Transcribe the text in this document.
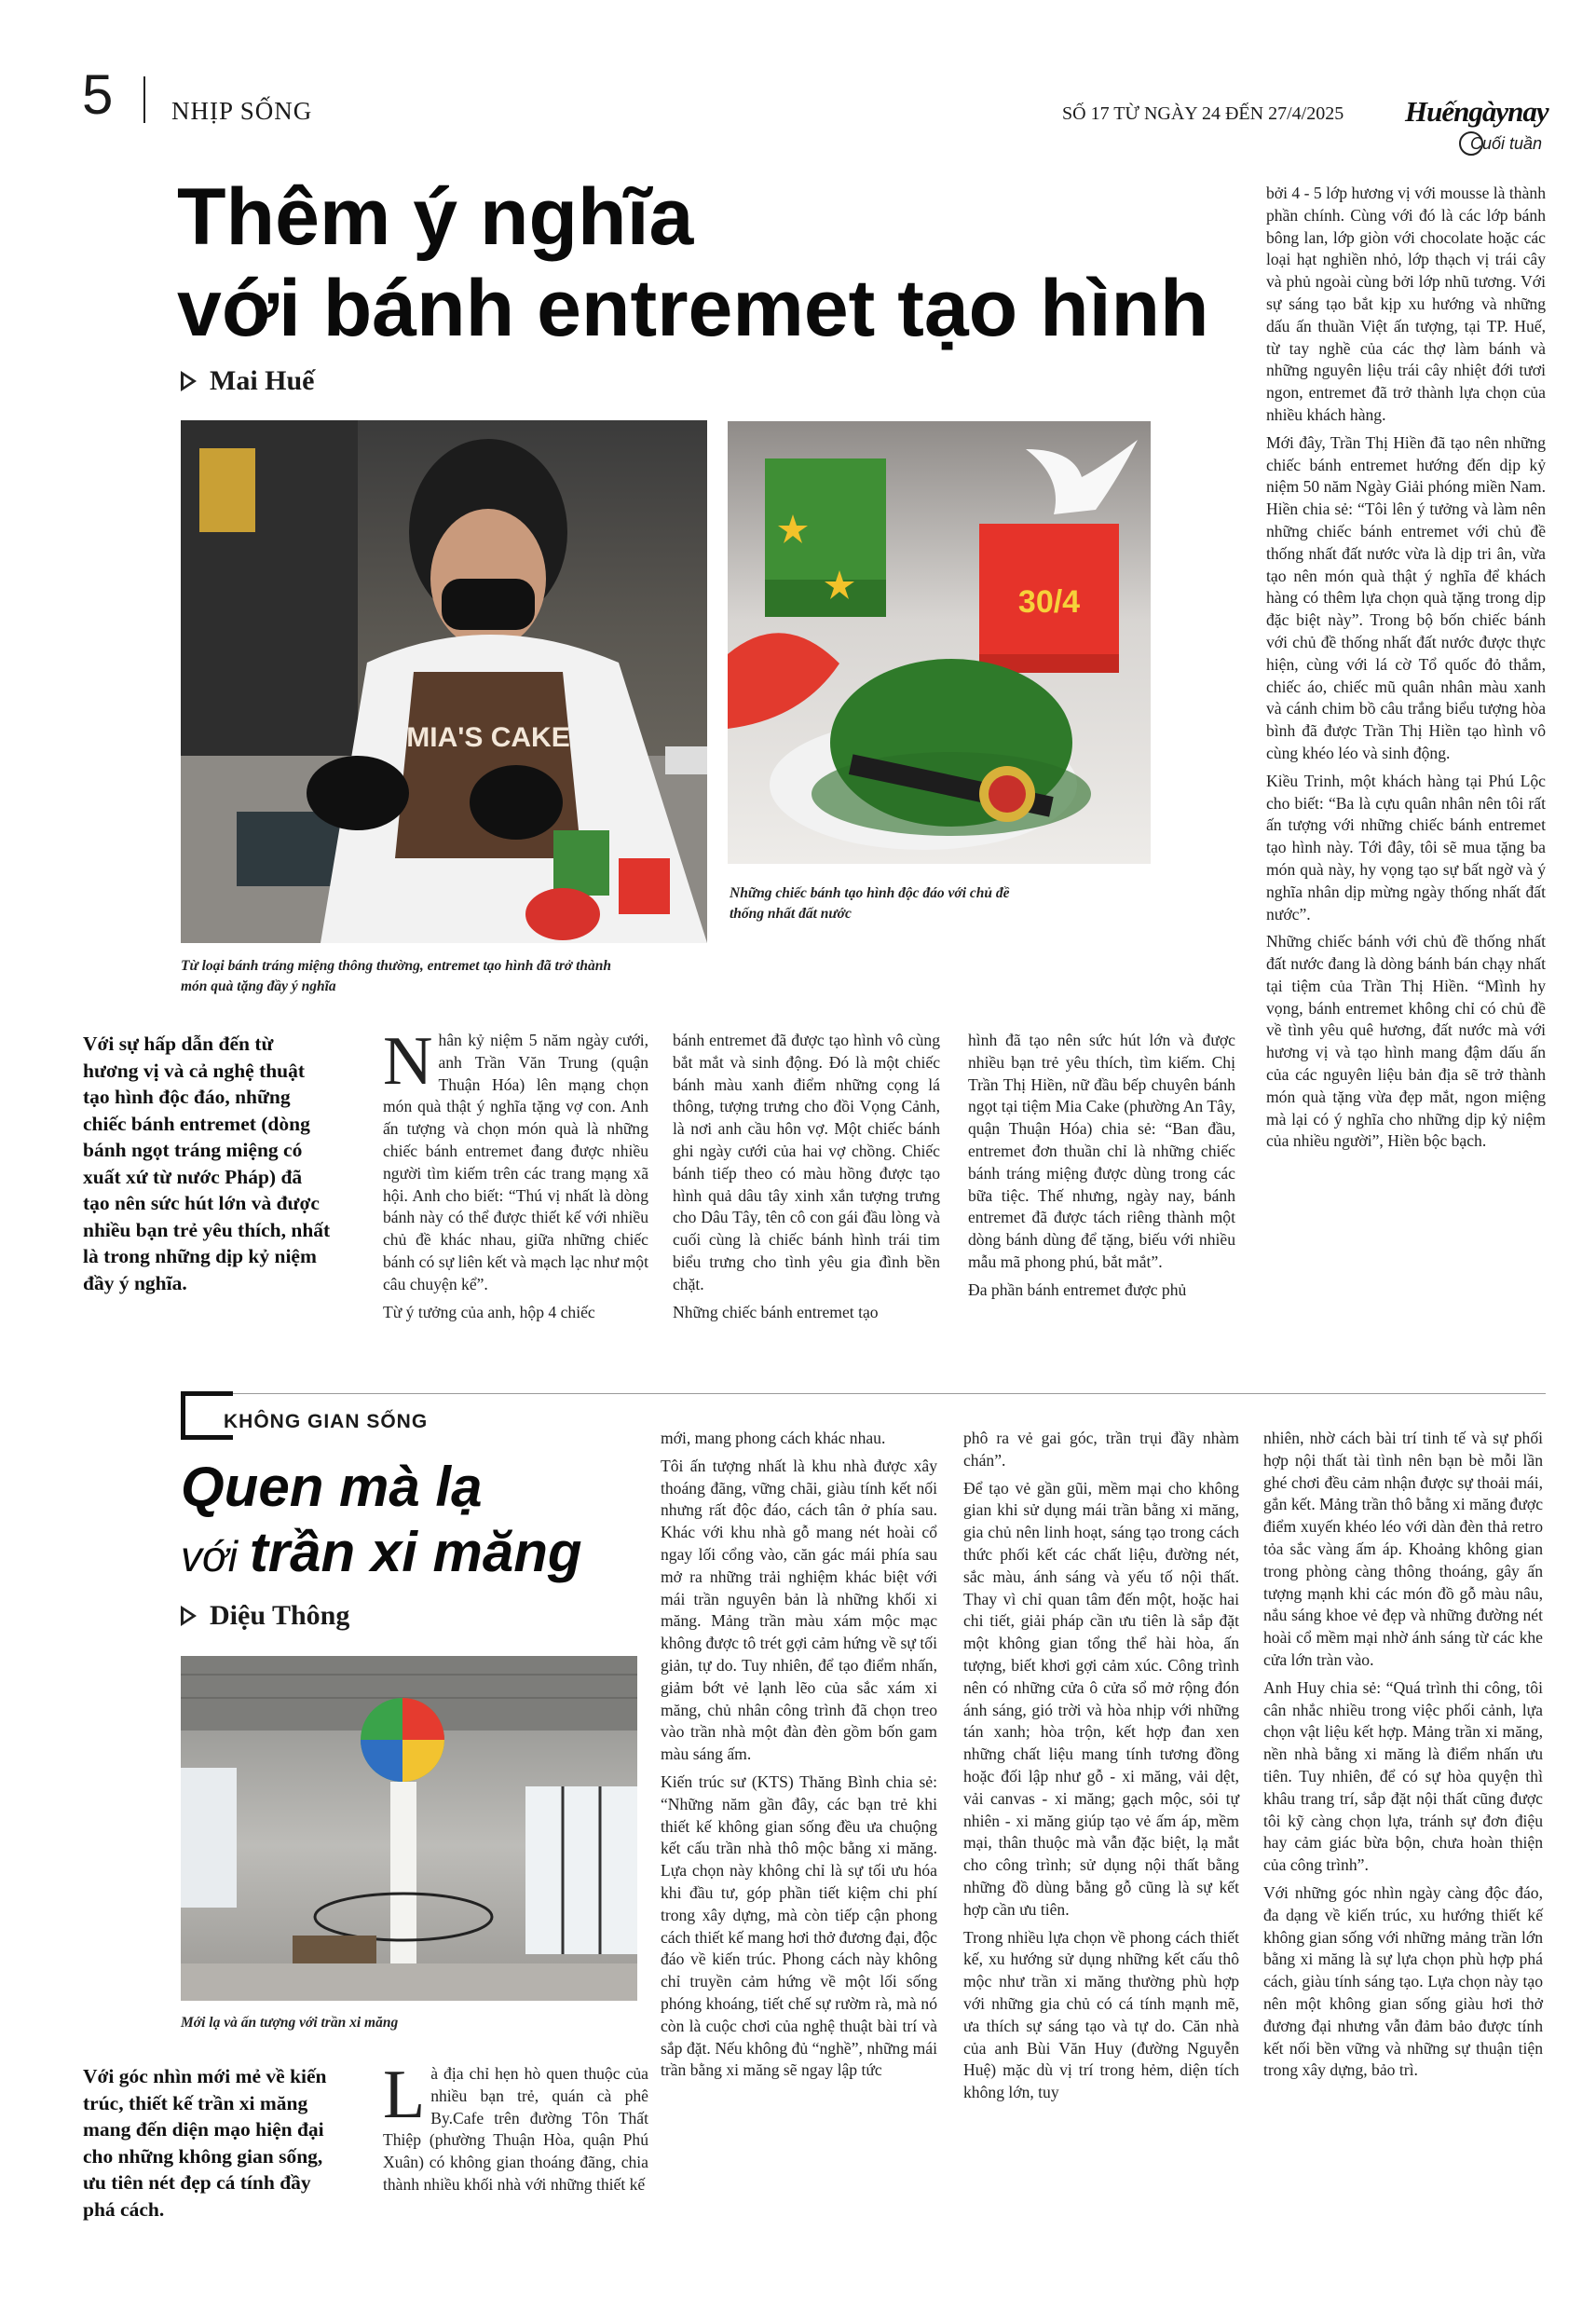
5 NHỊP SỐNG	SỐ 17 TỪ NGÀY 24 ĐẾN 27/4/2025 Huếngàynay
Cuối tuần
Thêm ý nghĩa
với bánh entremet tạo hình
Mai Huế
MIA'S CAKE
Từ loại bánh tráng miệng thông thường, entremet tạo hình đã trở thành món quà tặng đầy ý nghĩa
30/4
Những chiếc bánh tạo hình độc đáo với chủ đề thống nhất đất nước
Với sự hấp dẫn đến từ hương vị và cả nghệ thuật tạo hình độc đáo, những chiếc bánh entremet (dòng bánh ngọt tráng miệng có xuất xứ từ nước Pháp) đã tạo nên sức hút lớn và được nhiều bạn trẻ yêu thích, nhất là trong những dịp kỷ niệm đầy ý nghĩa.

Nhân kỷ niệm 5 năm ngày cưới, anh Trần Văn Trung (quận Thuận Hóa) lên mạng chọn món quà thật ý nghĩa tặng vợ con. Anh ấn tượng và chọn món quà là những chiếc bánh entremet đang được nhiều người tìm kiếm trên các trang mạng xã hội. Anh cho biết: “Thú vị nhất là dòng bánh này có thể được thiết kế với nhiều chủ đề khác nhau, giữa những chiếc bánh có sự liên kết và mạch lạc như một câu chuyện kể”.

Từ ý tưởng của anh, hộp 4 chiếc

bánh entremet đã được tạo hình vô cùng bắt mắt và sinh động. Đó là một chiếc bánh màu xanh điểm những cọng lá thông, tượng trưng cho đồi Vọng Cảnh, là nơi anh cầu hôn vợ. Một chiếc bánh ghi ngày cưới của hai vợ chồng. Chiếc bánh tiếp theo có màu hồng được tạo hình quả dâu tây xinh xắn tượng trưng cho Dâu Tây, tên cô con gái đầu lòng và cuối cùng là chiếc bánh hình trái tim biểu trưng cho tình yêu gia đình bền chặt.

Những chiếc bánh entremet tạo

hình đã tạo nên sức hút lớn và được nhiều bạn trẻ yêu thích, tìm kiếm. Chị Trần Thị Hiền, nữ đầu bếp chuyên bánh ngọt tại tiệm Mia Cake (phường An Tây, quận Thuận Hóa) chia sẻ: “Ban đầu, entremet đơn thuần chỉ là những chiếc bánh tráng miệng được dùng trong các bữa tiệc. Thế nhưng, ngày nay, bánh entremet đã được tách riêng thành một dòng bánh dùng để tặng, biếu với nhiều mẫu mã phong phú, bắt mắt”.

Đa phần bánh entremet được phủ

bởi 4 - 5 lớp hương vị với mousse là thành phần chính. Cùng với đó là các lớp bánh bông lan, lớp giòn với chocolate hoặc các loại hạt nghiền nhỏ, lớp thạch vị trái cây và phủ ngoài cùng bởi lớp nhũ tương. Với sự sáng tạo bắt kịp xu hướng và những dấu ấn thuần Việt ấn tượng, tại TP. Huế, từ tay nghề của các thợ làm bánh và những nguyên liệu trái cây nhiệt đới tươi ngon, entremet đã trở thành lựa chọn của nhiều khách hàng.

Mới đây, Trần Thị Hiền đã tạo nên những chiếc bánh entremet hướng đến dịp kỷ niệm 50 năm Ngày Giải phóng miền Nam. Hiền chia sẻ: “Tôi lên ý tưởng và làm nên những chiếc bánh entremet với chủ đề thống nhất đất nước vừa là dịp tri ân, vừa tạo nên món quà thật ý nghĩa để khách hàng có thêm lựa chọn quà tặng trong dịp đặc biệt này”. Trong bộ bốn chiếc bánh với chủ đề thống nhất đất nước được thực hiện, cùng với lá cờ Tổ quốc đỏ thắm, chiếc áo, chiếc mũ quân nhân màu xanh và cánh chim bồ câu trắng biểu tượng hòa bình đã được Trần Thị Hiền tạo hình vô cùng khéo léo và sinh động.

Kiều Trinh, một khách hàng tại Phú Lộc cho biết: “Ba là cựu quân nhân nên tôi rất ấn tượng với những chiếc bánh entremet tạo hình này. Tới đây, tôi sẽ mua tặng ba món quà này, hy vọng tạo sự bất ngờ và ý nghĩa nhân dịp mừng ngày thống nhất đất nước”.

Những chiếc bánh với chủ đề thống nhất đất nước đang là dòng bánh bán chạy nhất tại tiệm của Trần Thị Hiền. “Mình hy vọng, bánh entremet không chỉ có chủ đề về tình yêu quê hương, đất nước mà với hương vị và tạo hình mang đậm dấu ấn của các nguyên liệu bản địa sẽ trở thành món quà tặng vừa đẹp mắt, ngon miệng mà lại có ý nghĩa cho những dịp kỷ niệm của nhiều người”, Hiền bộc bạch.

KHÔNG GIAN SỐNG
Quen mà lạ
với trần xi măng
Diệu Thông
Mới lạ và ấn tượng với trần xi măng
Với góc nhìn mới mẻ về kiến trúc, thiết kế trần xi măng mang đến diện mạo hiện đại cho những không gian sống, ưu tiên nét đẹp cá tính đầy phá cách.

Là địa chỉ hẹn hò quen thuộc của nhiều bạn trẻ, quán cà phê By.Cafe trên đường Tôn Thất Thiệp (phường Thuận Hòa, quận Phú Xuân) có không gian thoáng đãng, chia thành nhiều khối nhà với những thiết kế

mới, mang phong cách khác nhau.

Tôi ấn tượng nhất là khu nhà được xây thoáng đãng, vững chãi, giàu tính kết nối nhưng rất độc đáo, cách tân ở phía sau. Khác với khu nhà gỗ mang nét hoài cổ ngay lối cổng vào, căn gác mái phía sau mở ra những trải nghiệm khác biệt với mái trần nguyên bản là những khối xi măng. Mảng trần màu xám mộc mạc không được tô trét gợi cảm hứng về sự tối giản, tự do. Tuy nhiên, để tạo điểm nhấn, giảm bớt vẻ lạnh lẽo của sắc xám xi măng, chủ nhân công trình đã chọn treo vào trần nhà một đàn đèn gồm bốn gam màu sáng ấm.

Kiến trúc sư (KTS) Thăng Bình chia sẻ: “Những năm gần đây, các bạn trẻ khi thiết kế không gian sống đều ưa chuộng kết cấu trần nhà thô mộc bằng xi măng. Lựa chọn này không chỉ là sự tối ưu hóa khi đầu tư, góp phần tiết kiệm chi phí trong xây dựng, mà còn tiếp cận phong cách thiết kế mang hơi thở đương đại, độc đáo về kiến trúc. Phong cách này không chỉ truyền cảm hứng về một lối sống phóng khoáng, tiết chế sự rườm rà, mà nó còn là cuộc chơi của nghệ thuật bài trí và sắp đặt. Nếu không đủ “nghề”, những mái trần bằng xi măng sẽ ngay lập tức

phô ra vẻ gai góc, trần trụi đầy nhàm chán”.

Để tạo vẻ gần gũi, mềm mại cho không gian khi sử dụng mái trần bằng xi măng, gia chủ nên linh hoạt, sáng tạo trong cách thức phối kết các chất liệu, đường nét, sắc màu, ánh sáng và yếu tố nội thất. Thay vì chỉ quan tâm đến một, hoặc hai chi tiết, giải pháp cần ưu tiên là sắp đặt một không gian tổng thể hài hòa, ấn tượng, biết khơi gợi cảm xúc. Công trình nên có những cửa ô cửa sổ mở rộng đón ánh sáng, gió trời và hòa nhịp với những tán xanh; hòa trộn, kết hợp đan xen những chất liệu mang tính tương đồng hoặc đối lập như gỗ - xi măng, vải dệt, vải canvas - xi măng; gạch mộc, sỏi tự nhiên - xi măng giúp tạo vẻ ấm áp, mềm mại, thân thuộc mà vẫn đặc biệt, lạ mắt cho công trình; sử dụng nội thất bằng những đồ dùng bằng gỗ cũng là sự kết hợp cần ưu tiên.

Trong nhiều lựa chọn về phong cách thiết kế, xu hướng sử dụng những kết cấu thô mộc như trần xi măng thường phù hợp với những gia chủ có cá tính mạnh mẽ, ưa thích sự sáng tạo và tự do. Căn nhà của anh Bùi Văn Huy (đường Nguyễn Huệ) mặc dù vị trí trong hẻm, diện tích không lớn, tuy

nhiên, nhờ cách bài trí tinh tế và sự phối hợp nội thất tài tình nên bạn bè mỗi lần ghé chơi đều cảm nhận được sự thoải mái, gắn kết. Mảng trần thô bằng xi măng được điểm xuyến khéo léo với dàn đèn thả retro tỏa sắc vàng ấm áp. Khoảng không gian trong phòng càng thông thoáng, gây ấn tượng mạnh khi các món đồ gỗ màu nâu, nắu sáng khoe vẻ đẹp và những đường nét hoài cổ mềm mại nhờ ánh sáng từ các khe cửa lớn tràn vào.

Anh Huy chia sẻ: “Quá trình thi công, tôi cân nhắc nhiều trong việc phối cảnh, lựa chọn vật liệu kết hợp. Mảng trần xi măng, nền nhà bằng xi măng là điểm nhấn ưu tiên. Tuy nhiên, để có sự hòa quyện thì khâu trang trí, sắp đặt nội thất cũng được tôi kỹ càng chọn lựa, tránh sự đơn điệu hay cảm giác bừa bộn, chưa hoàn thiện của công trình”.

Với những góc nhìn ngày càng độc đáo, đa dạng về kiến trúc, xu hướng thiết kế không gian sống với những mảng trần lớn bằng xi măng là sự lựa chọn phù hợp phá cách, giàu tính sáng tạo. Lựa chọn này tạo nên một không gian sống giàu hơi thở đương đại nhưng vẫn đảm bảo được tính kết nối bền vững và những sự thuận tiện trong xây dựng, bảo trì.
